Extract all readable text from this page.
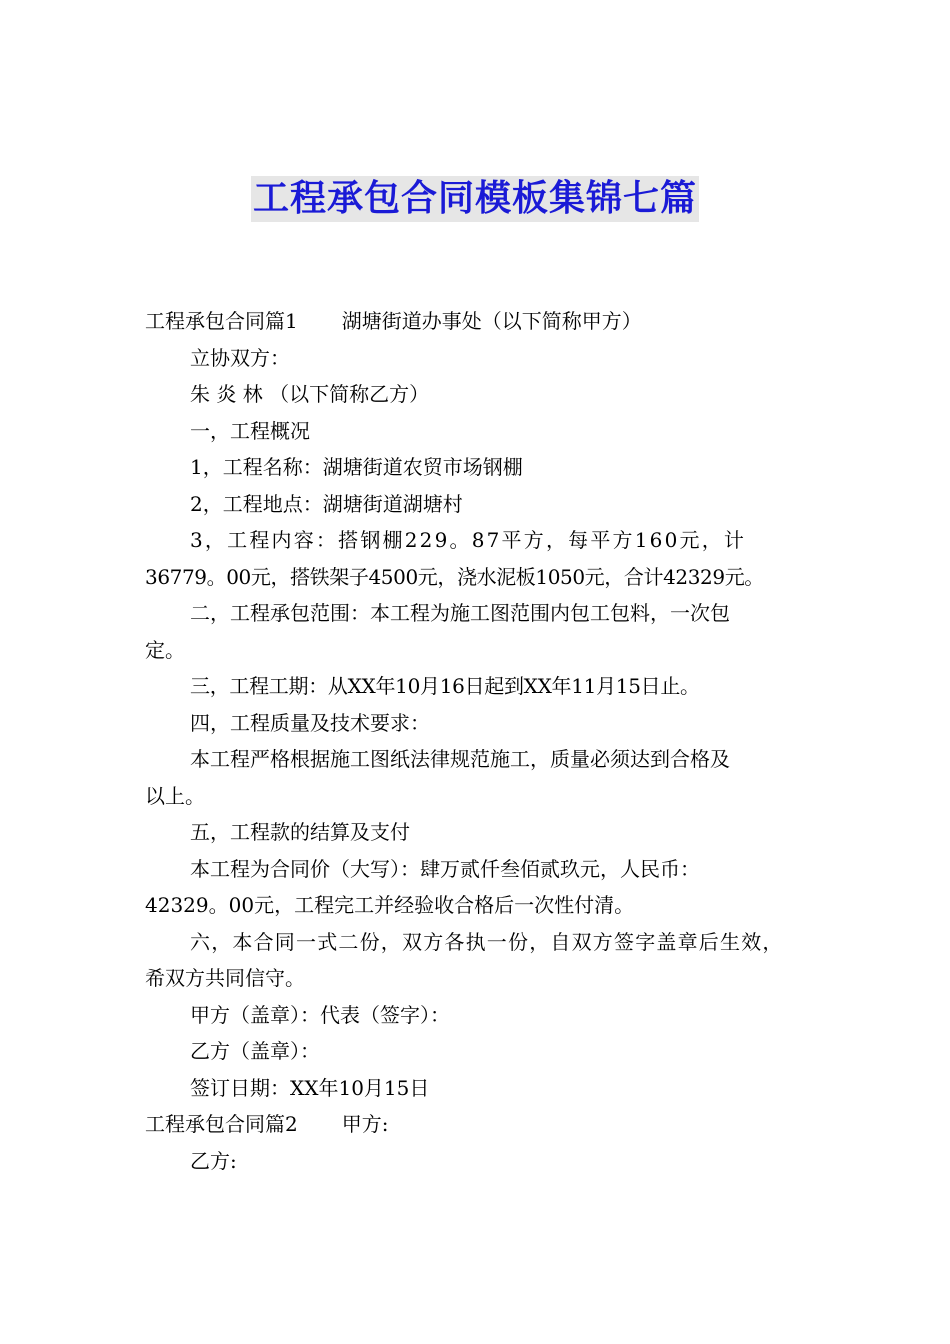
工程承包合同模板集锦七篇

工程承包合同篇1 湖塘街道办事处（以下简称甲方）

立协双方：

朱 炎 林 （以下简称乙方）

一，工程概况

1，工程名称：湖塘街道农贸市场钢棚

2，工程地点：湖塘街道湖塘村

3，工程内容：搭钢棚229。87平方，每平方160元，计

36779。00元，搭铁架子4500元，浇水泥板1050元，合计42329元。

二，工程承包范围：本工程为施工图范围内包工包料，一次包

定。

三，工程工期：从XX年10月16日起到XX年11月15日止。

四，工程质量及技术要求：

本工程严格根据施工图纸法律规范施工，质量必须达到合格及

以上。

五，工程款的结算及支付

本工程为合同价（大写）：肆万贰仟叁佰贰玖元，人民币：

42329。00元，工程完工并经验收合格后一次性付清。

六，本合同一式二份，双方各执一份，自双方签字盖章后生效，

希双方共同信守。

甲方（盖章）：代表（签字）：

乙方（盖章）：

签订日期：XX年10月15日

工程承包合同篇2 甲方:

乙方:
